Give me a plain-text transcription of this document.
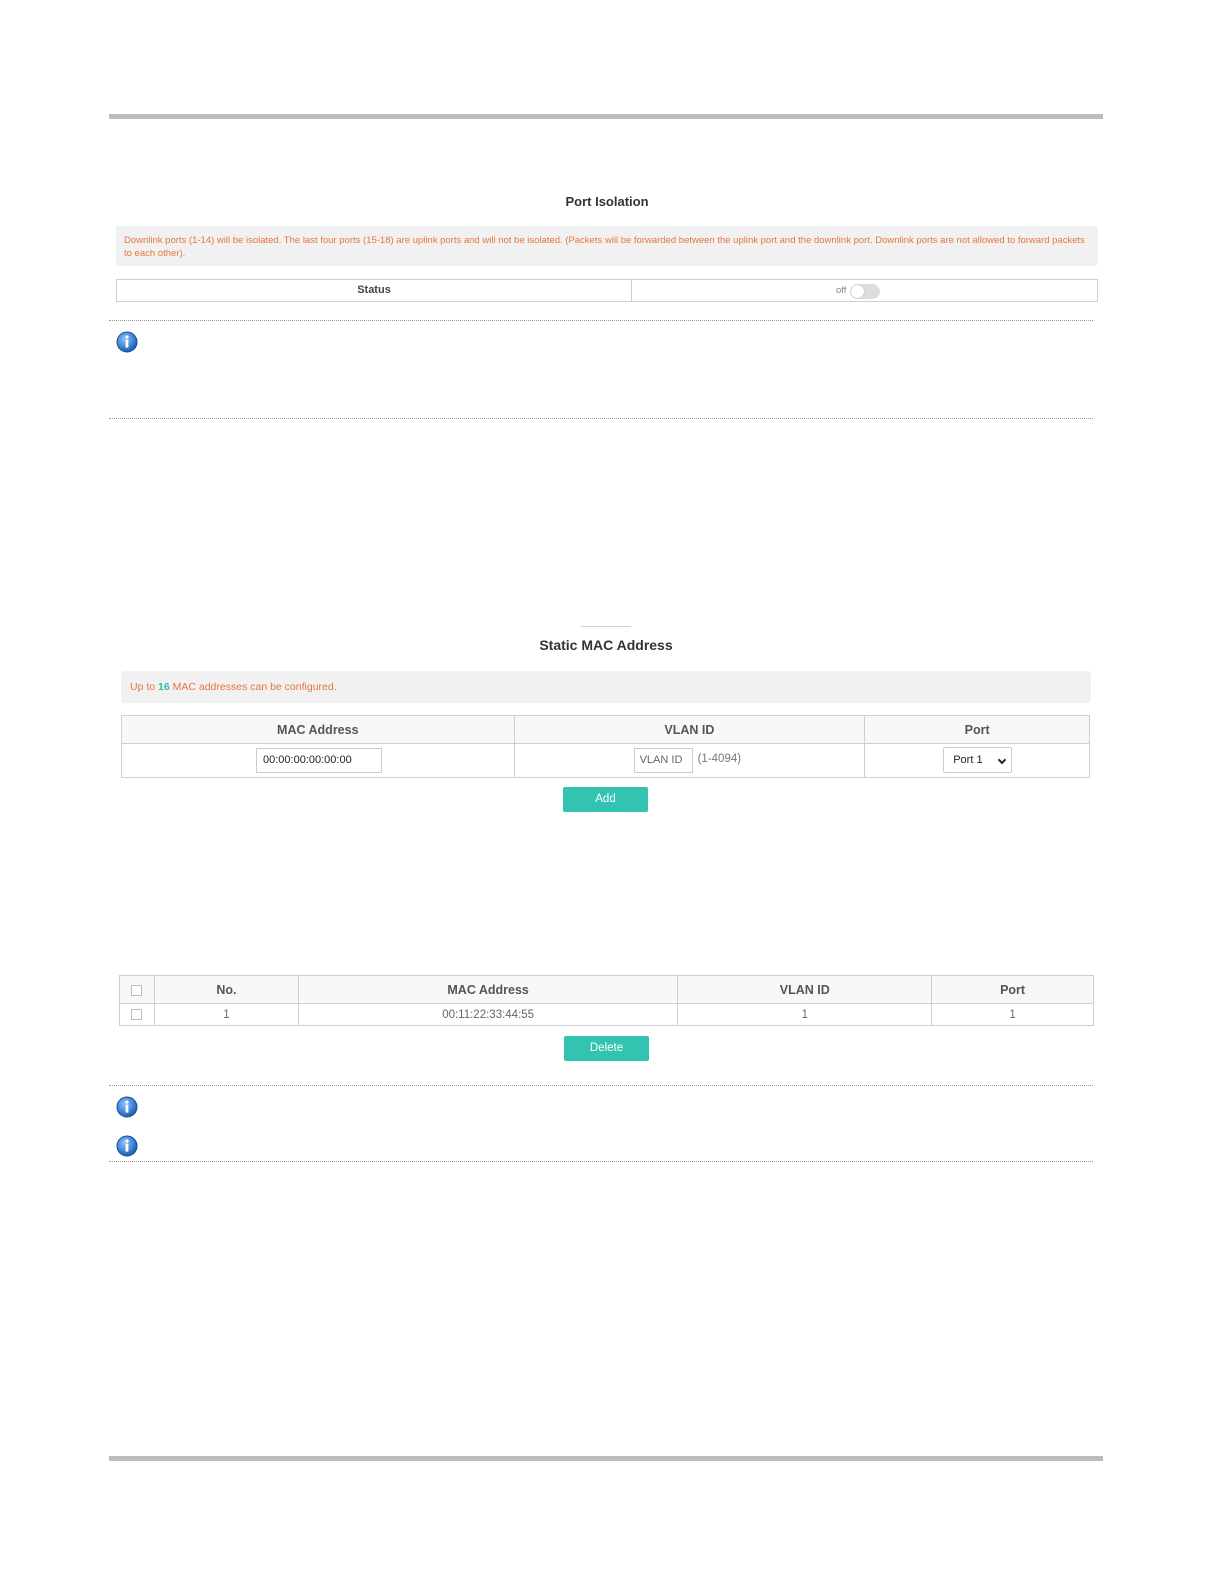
Port Isolation
Downlink ports (1-14) will be isolated. The last four ports (15-18) are uplink ports and will not be isolated. (Packets will be forwarded between the uplink port and the downlink port. Downlink ports are not allowed to forward packets to each other).
Status	off
Static MAC Address
Up to 16 MAC addresses can be configured.
MAC Address	VLAN ID	Port

00:00:00:00:00:00	VLAN ID (1-4094)	Port 1
Add
	No.	MAC Address	VLAN ID	Port
	1	00:11:22:33:44:55	1	1
Delete
